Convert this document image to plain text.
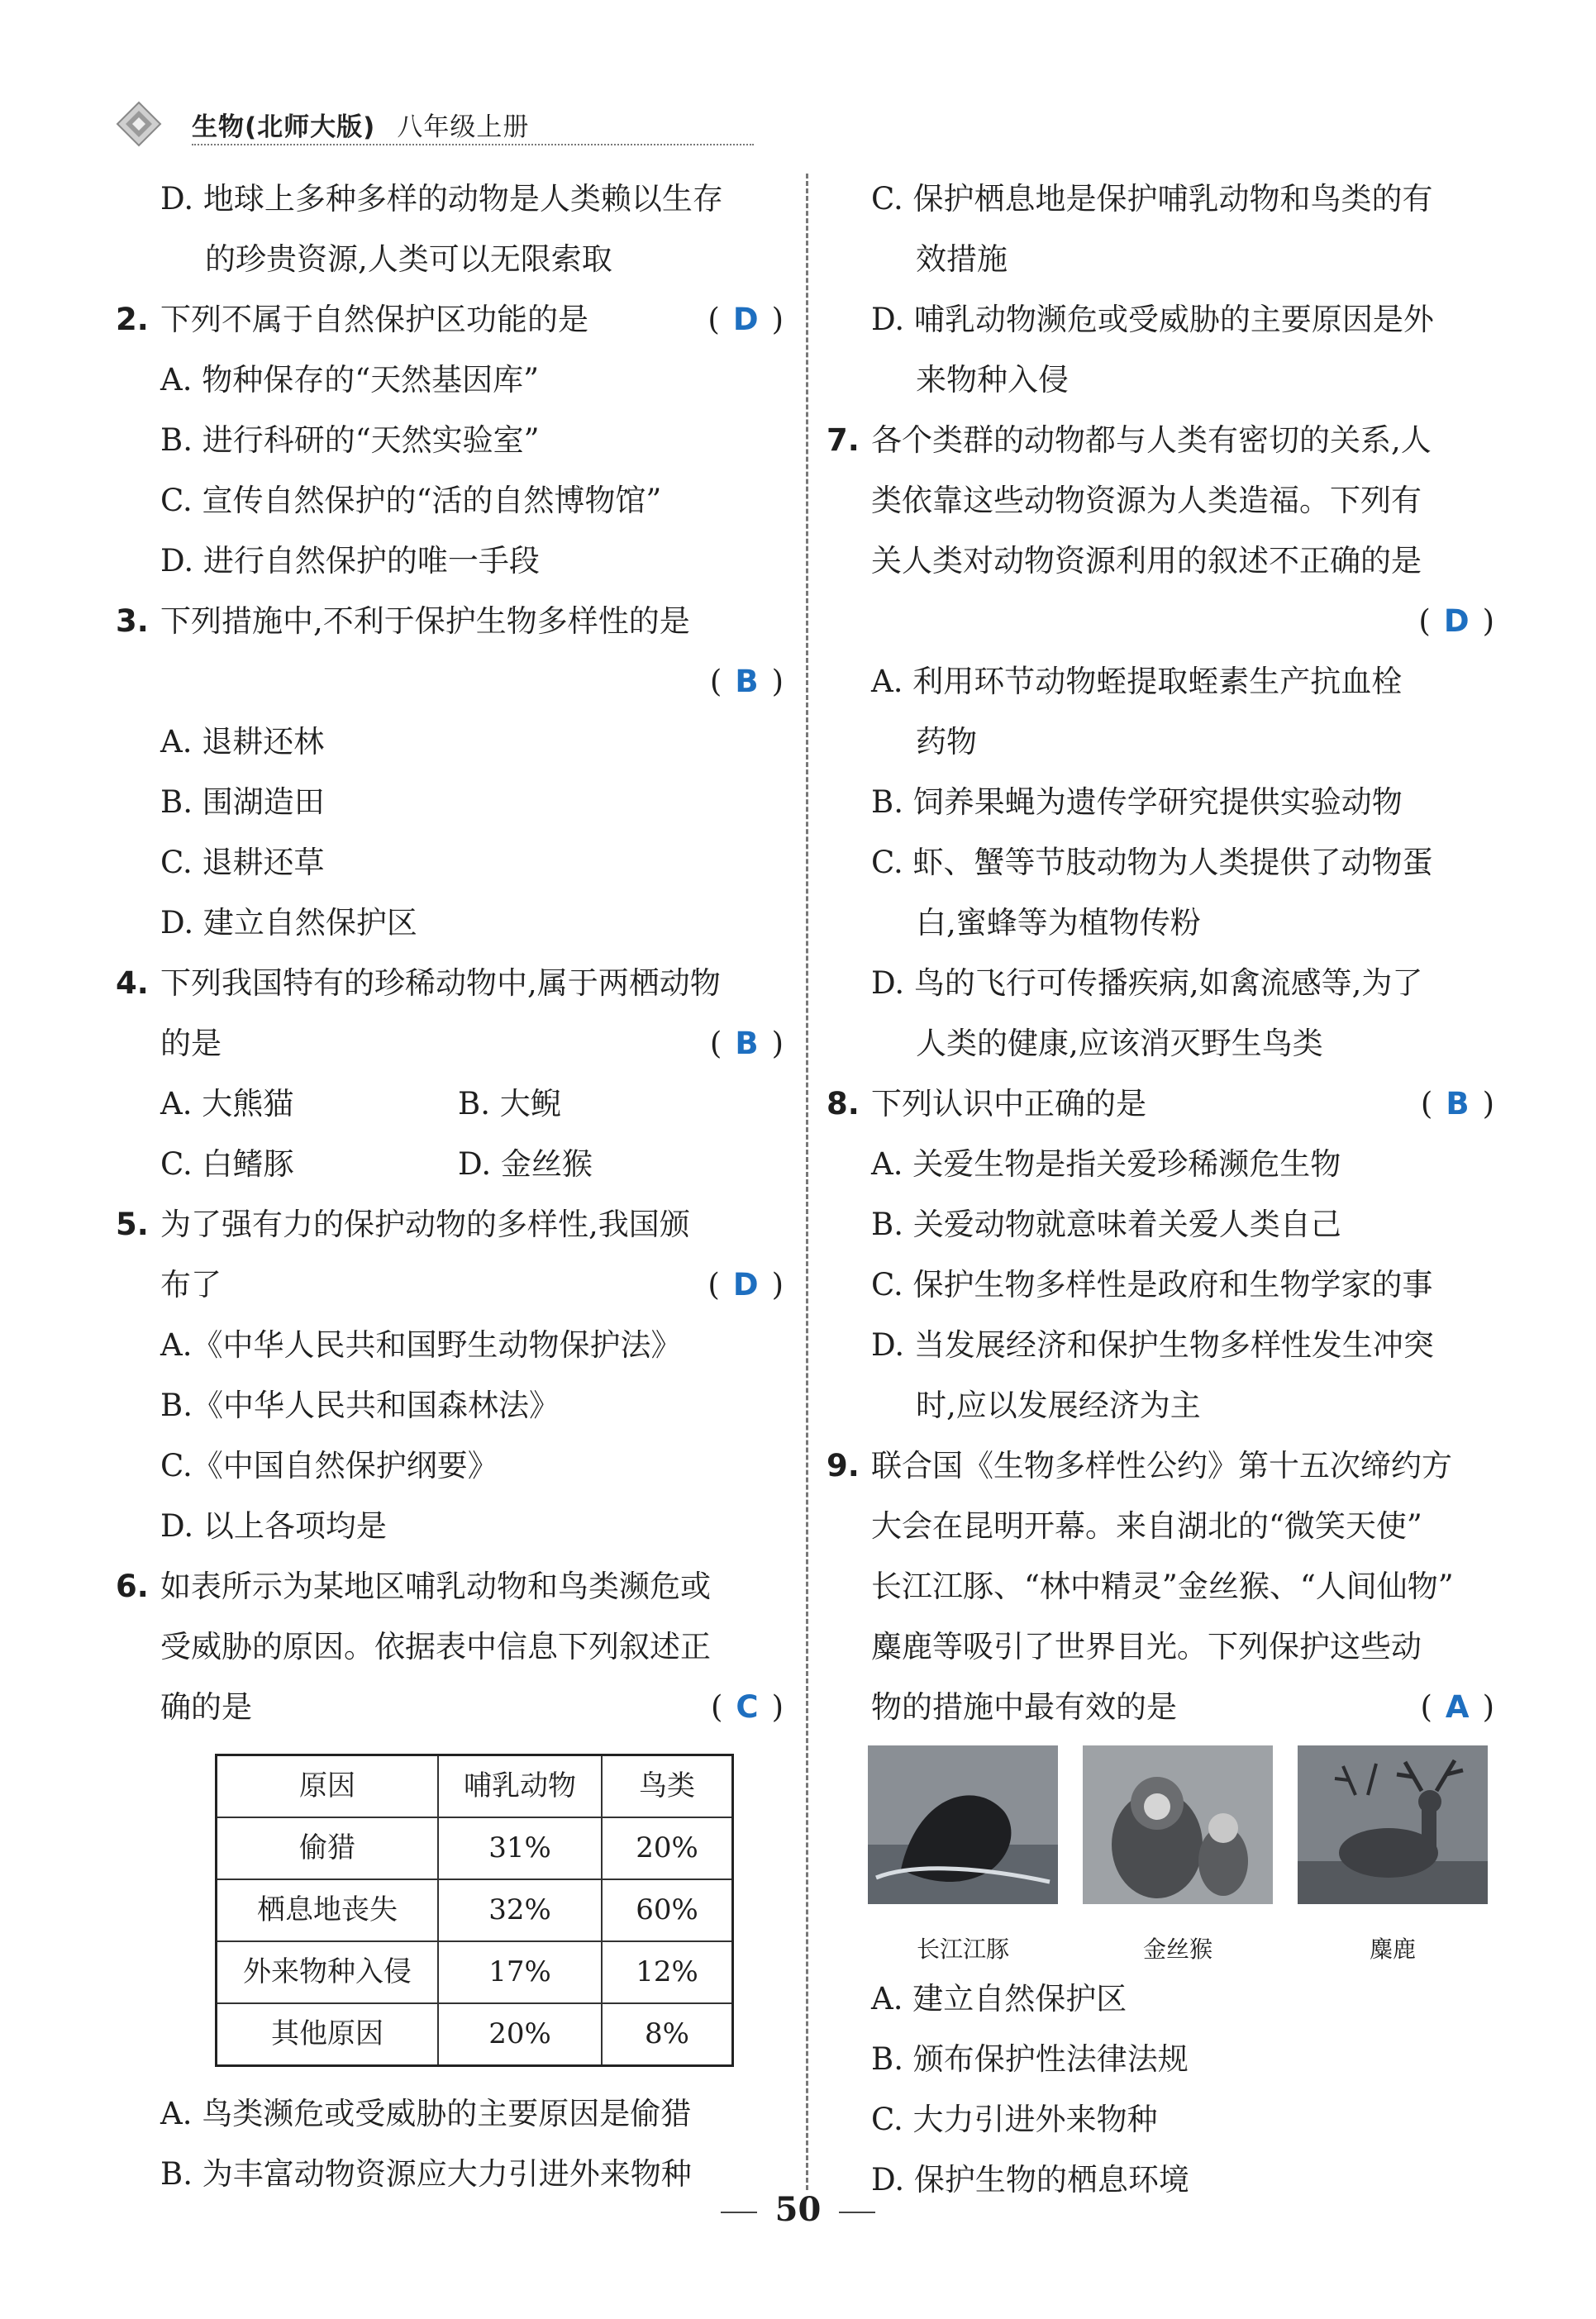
生物(北师大版) 八年级上册
D. 地球上多种多样的动物是人类赖以生存
的珍贵资源,人类可以无限索取
2. 下列不属于自然保护区功能的是	( D )
A. 物种保存的“天然基因库”
B. 进行科研的“天然实验室”
C. 宣传自然保护的“活的自然博物馆”
D. 进行自然保护的唯一手段
3. 下列措施中,不利于保护生物多样性的是
( B )
A. 退耕还林
B. 围湖造田
C. 退耕还草
D. 建立自然保护区
4. 下列我国特有的珍稀动物中,属于两栖动物
的是	( B )
A. 大熊猫	B. 大鲵
C. 白鳍豚	D. 金丝猴
5. 为了强有力的保护动物的多样性,我国颁
布了	( D )
A.《中华人民共和国野生动物保护法》
B.《中华人民共和国森林法》
C.《中国自然保护纲要》
D. 以上各项均是
6. 如表所示为某地区哺乳动物和鸟类濒危或
受威胁的原因。依据表中信息下列叙述正
确的是	( C )
原因	哺乳动物	鸟类
偷猎	31%	20%
栖息地丧失	32%	60%
外来物种入侵	17%	12%
其他原因	20%	8%
A. 鸟类濒危或受威胁的主要原因是偷猎
B. 为丰富动物资源应大力引进外来物种
C. 保护栖息地是保护哺乳动物和鸟类的有
效措施
D. 哺乳动物濒危或受威胁的主要原因是外
来物种入侵
7. 各个类群的动物都与人类有密切的关系,人
类依靠这些动物资源为人类造福。下列有
关人类对动物资源利用的叙述不正确的是
( D )
A. 利用环节动物蛭提取蛭素生产抗血栓
药物
B. 饲养果蝇为遗传学研究提供实验动物
C. 虾、蟹等节肢动物为人类提供了动物蛋
白,蜜蜂等为植物传粉
D. 鸟的飞行可传播疾病,如禽流感等,为了
人类的健康,应该消灭野生鸟类
8. 下列认识中正确的是	( B )
A. 关爱生物是指关爱珍稀濒危生物
B. 关爱动物就意味着关爱人类自己
C. 保护生物多样性是政府和生物学家的事
D. 当发展经济和保护生物多样性发生冲突
时,应以发展经济为主
9. 联合国《生物多样性公约》第十五次缔约方
大会在昆明开幕。来自湖北的“微笑天使”
长江江豚、“林中精灵”金丝猴、“人间仙物”
麋鹿等吸引了世界目光。下列保护这些动
物的措施中最有效的是	( A )
长江江豚	金丝猴	麋鹿
A. 建立自然保护区
B. 颁布保护性法律法规
C. 大力引进外来物种
D. 保护生物的栖息环境
50
